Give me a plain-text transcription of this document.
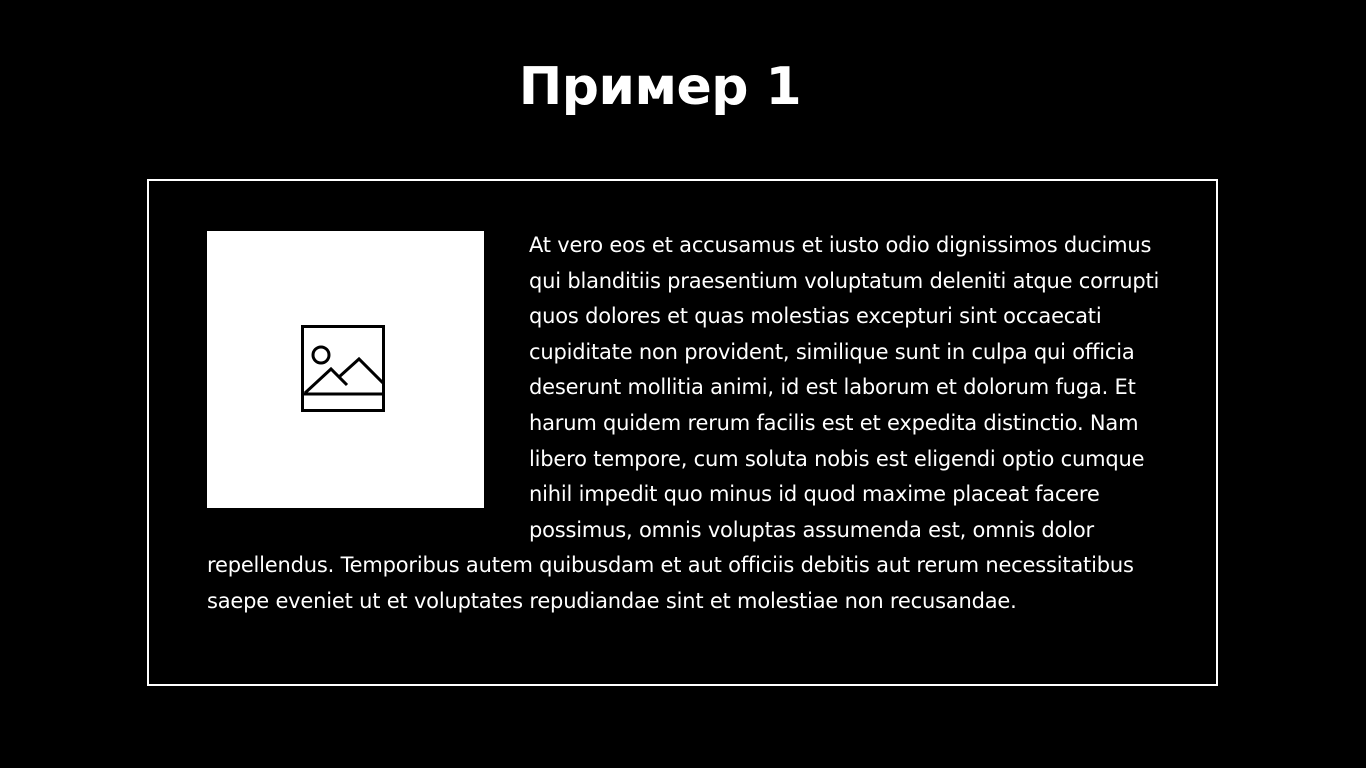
Пример 1

At vero eos et accusamus et iusto odio dignissimos ducimus qui blanditiis praesentium voluptatum deleniti atque corrupti quos dolores et quas molestias excepturi sint occaecati cupiditate non provident, similique sunt in culpa qui officia deserunt mollitia animi, id est laborum et dolorum fuga. Et harum quidem rerum facilis est et expedita distinctio. Nam libero tempore, cum soluta nobis est eligendi optio cumque nihil impedit quo minus id quod maxime placeat facere possimus, omnis voluptas assumenda est, omnis dolor repellendus. Temporibus autem quibusdam et aut officiis debitis aut rerum necessitatibus saepe eveniet ut et voluptates repudiandae sint et molestiae non recusandae.
